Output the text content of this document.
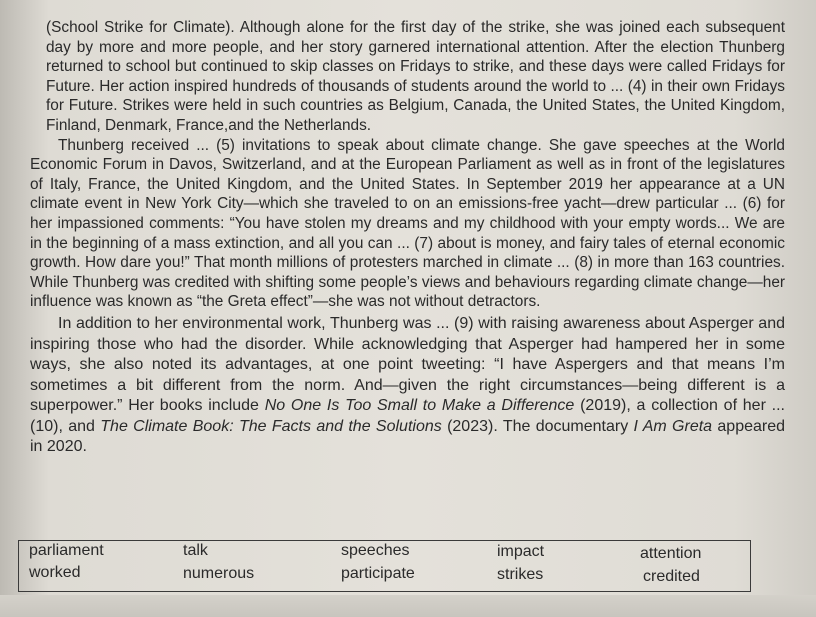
(School Strike for Climate). Although alone for the first day of the strike, she was joined each subsequent day by more and more people, and her story garnered international attention. After the election Thunberg returned to school but continued to skip classes on Fridays to strike, and these days were called Fridays for Future. Her action inspired hundreds of thousands of students around the world to ... (4) in their own Fridays for Future. Strikes were held in such countries as Belgium, Canada, the United States, the United Kingdom, Finland, Denmark, France,and the Netherlands.

Thunberg received ... (5) invitations to speak about climate change. She gave speeches at the World Economic Forum in Davos, Switzerland, and at the European Parliament as well as in front of the legislatures of Italy, France, the United Kingdom, and the United States. In September 2019 her appearance at a UN climate event in New York City—which she traveled to on an emissions-free yacht—drew particular ... (6) for her impassioned comments: “You have stolen my dreams and my childhood with your empty words... We are in the beginning of a mass extinction, and all you can ... (7) about is money, and fairy tales of eternal economic growth. How dare you!” That month millions of protesters marched in climate ... (8) in more than 163 countries. While Thunberg was credited with shifting some people’s views and behaviours regarding climate change—her influence was known as “the Greta effect”—she was not without detractors.

In addition to her environmental work, Thunberg was ... (9) with raising awareness about Asperger and inspiring those who had the disorder. While acknowledging that Asperger had hampered her in some ways, she also noted its advantages, at one point tweeting: “I have Aspergers and that means I’m sometimes a bit different from the norm. And—given the right circumstances—being different is a superpower.” Her books include No One Is Too Small to Make a Difference (2019), a collection of her ... (10), and The Climate Book: The Facts and the Solutions (2023). The documentary I Am Greta appeared in 2020.

parliament	talk	speeches	impact	attention
worked	numerous	participate	strikes	credited
